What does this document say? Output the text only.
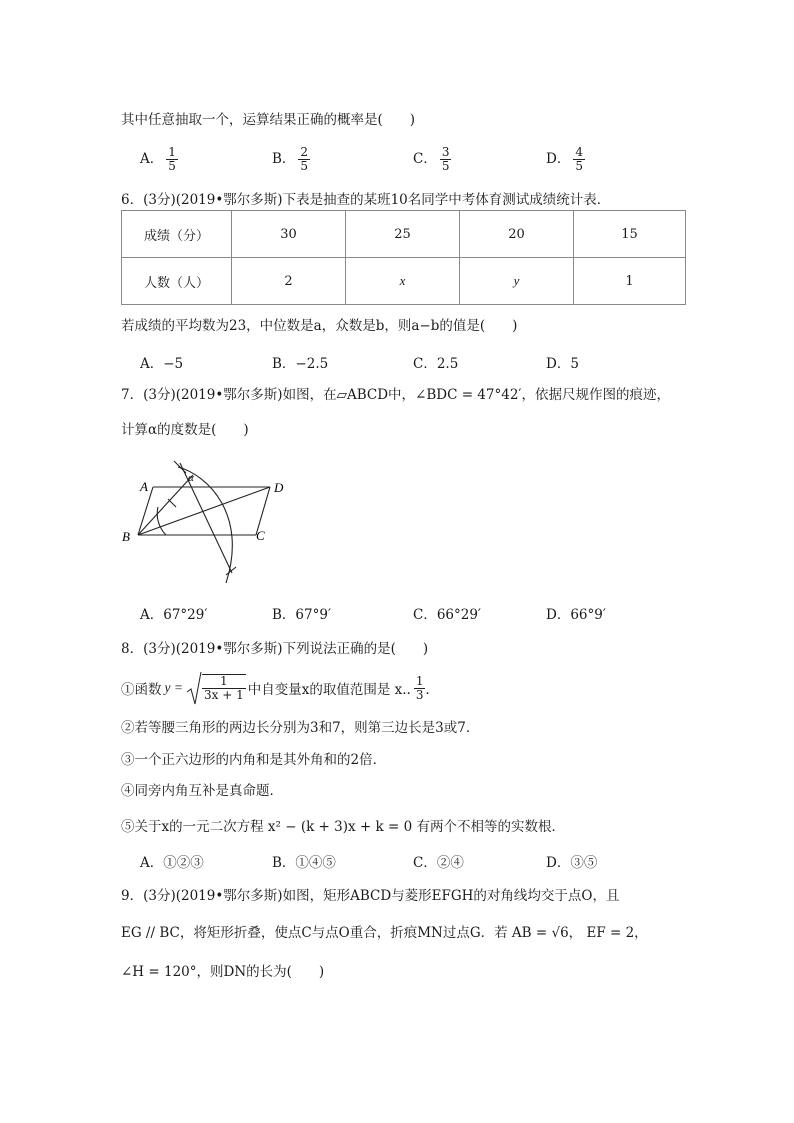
其中任意抽取一个，运算结果正确的概率是(　　)
A． $\frac{1}{5}$	B． $\frac{2}{5}$	C． $\frac{3}{5}$	D． $\frac{4}{5}$
6．(3分)(2019•鄂尔多斯)下表是抽查的某班10名同学中考体育测试成绩统计表．
成绩（分）	30	25	20	15
人数（人）	2	x	y	1
若成绩的平均数为23，中位数是a，众数是b，则a−b的值是(　　)
A．−5	B．−2.5	C．2.5	D．5
7．(3分)(2019•鄂尔多斯)如图，在▱ABCD中，∠BDC = 47°42′，依据尺规作图的痕迹，
计算α的度数是(　　)
A	D
C
B
α
A．67°29′	B．67°9′	C．66°29′	D．66°9′
8．(3分)(2019•鄂尔多斯)下列说法正确的是(　　)
①函数 $y = \frac{1}{3x + 1}$ 中自变量x的取值范围是 x.. $\frac{1}{3}$ ．
②若等腰三角形的两边长分别为3和7，则第三边长是3或7．
③一个正六边形的内角和是其外角和的2倍．
④同旁内角互补是真命题．
⑤关于x的一元二次方程 x² − (k + 3)x + k = 0 有两个不相等的实数根．
A．①②③	B．①④⑤	C．②④	D．③⑤
9．(3分)(2019•鄂尔多斯)如图，矩形ABCD与菱形EFGH的对角线均交于点O，且
EG // BC，将矩形折叠，使点C与点O重合，折痕MN过点G．若 AB = √6， EF = 2，
∠H = 120°，则DN的长为(　　)
